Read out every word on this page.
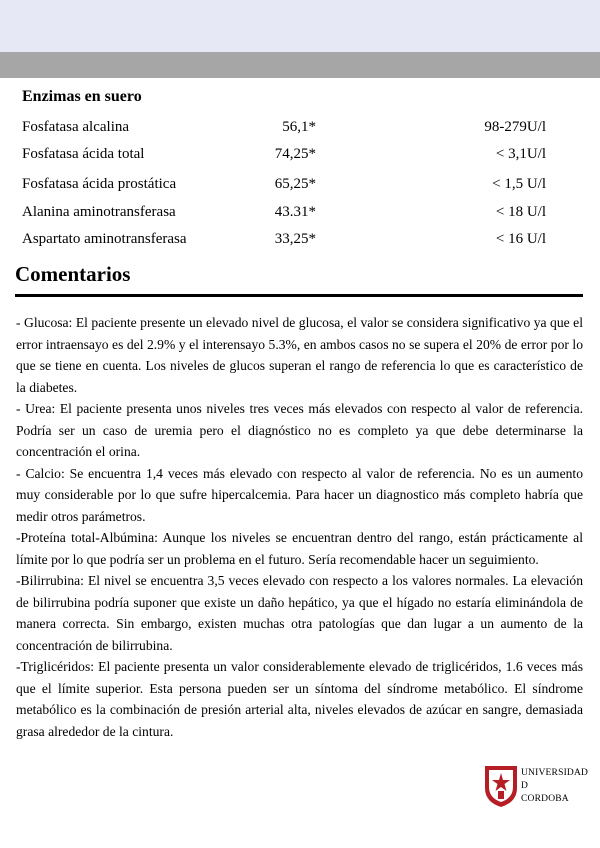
Enzimas en suero
Fosfatasa alcalina	56,1*	98-279U/l
Fosfatasa ácida total	74,25*	< 3,1U/l
Fosfatasa ácida prostática	65,25*	< 1,5 U/l
Alanina aminotransferasa	43.31*	< 18 U/l
Aspartato aminotransferasa	33,25*	< 16 U/l
Comentarios

- Glucosa: El paciente presente un elevado nivel de glucosa, el valor se considera significativo ya que el error intraensayo es del 2.9% y el interensayo 5.3%, en ambos casos no se supera el 20% de error por lo que se tiene en cuenta. Los niveles de glucos superan el rango de referencia lo que es característico de la diabetes.

- Urea: El paciente presenta unos niveles tres veces más elevados con respecto al valor de referencia. Podría ser un caso de uremia pero el diagnóstico no es completo ya que debe determinarse la concentración el orina.

- Calcio: Se encuentra 1,4 veces más elevado con respecto al valor de referencia. No es un aumento muy considerable por lo que sufre hipercalcemia. Para hacer un diagnostico más completo habría que medir otros parámetros.

-Proteína total-Albúmina: Aunque los niveles se encuentran dentro del rango, están prácticamente al límite por lo que podría ser un problema en el futuro. Sería recomendable hacer un seguimiento.

-Bilirrubina: El nivel se encuentra 3,5 veces elevado con respecto a los valores normales. La elevación de bilirrubina podría suponer que existe un daño hepático, ya que el hígado no estaría eliminándola de manera correcta. Sin embargo, existen muchas otra patologías que dan lugar a un aumento de la concentración de bilirrubina.

-Triglicéridos: El paciente presenta un valor considerablemente elevado de triglicéridos, 1.6 veces más que el límite superior. Esta persona pueden ser un síntoma del síndrome metabólico. El síndrome metabólico es la combinación de presión arterial alta, niveles elevados de azúcar en sangre, demasiada grasa alrededor de la cintura.

UNIVERSIDAD
D
CORDOBA
